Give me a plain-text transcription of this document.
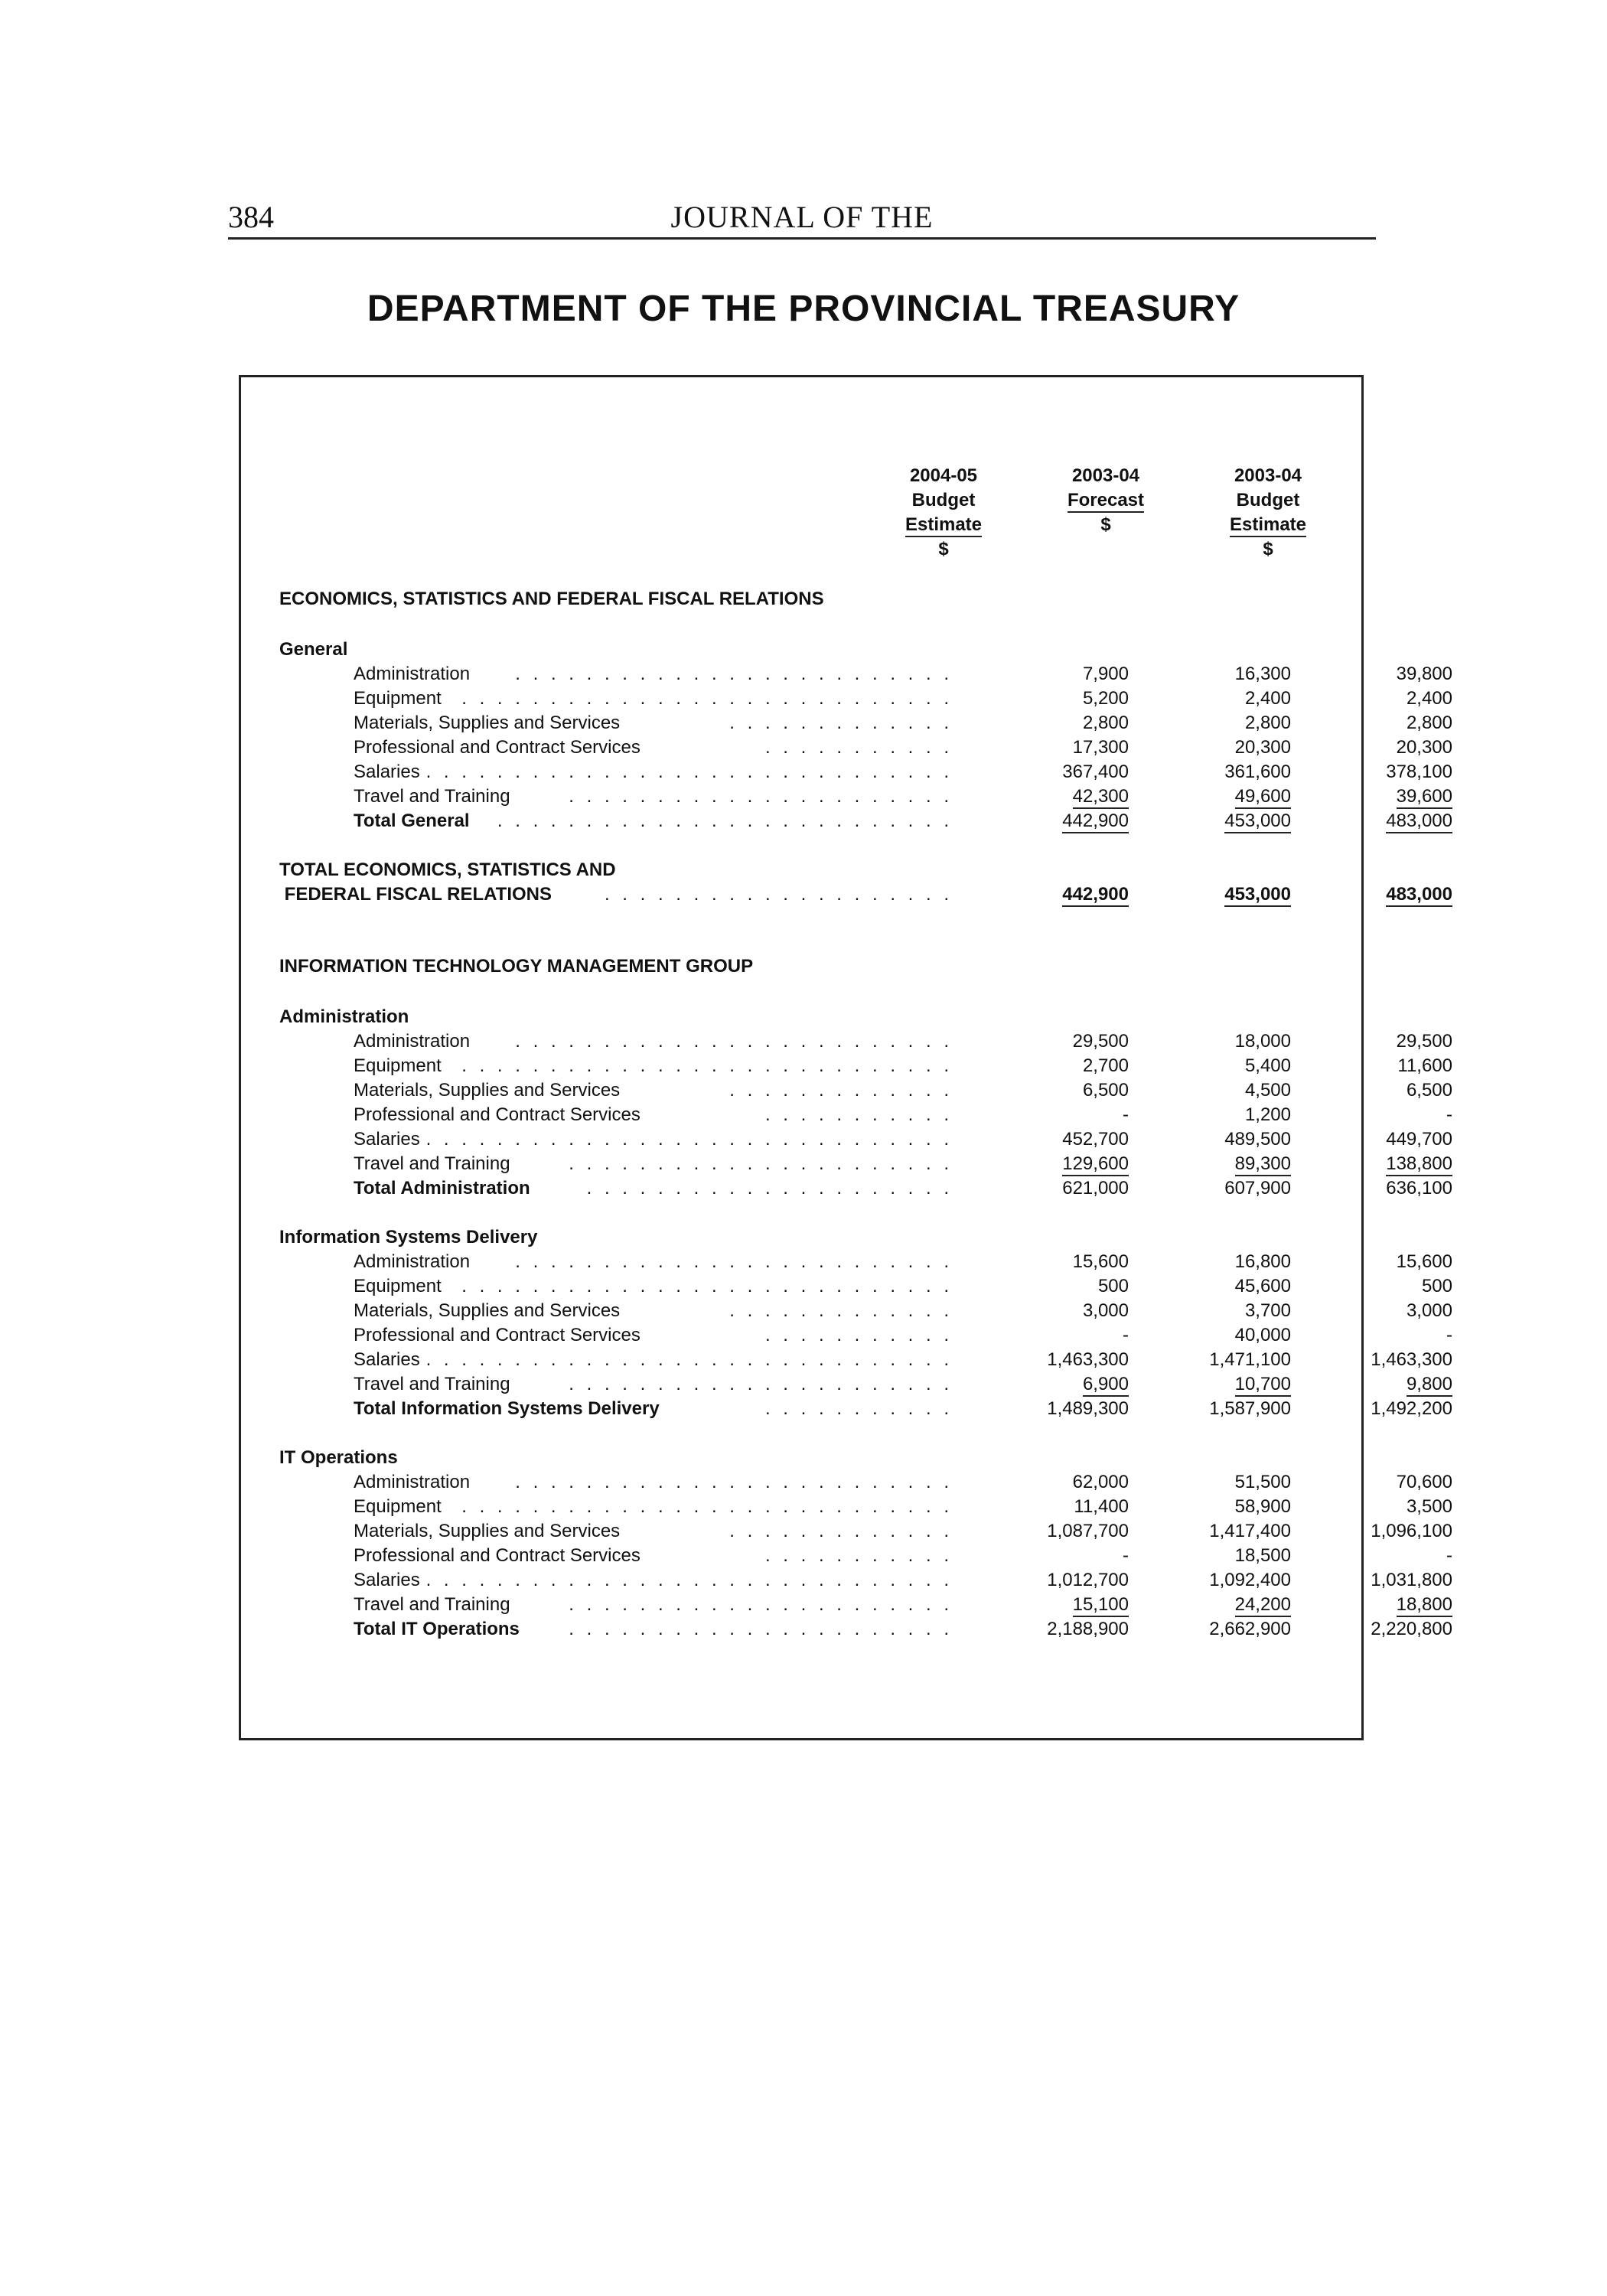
384	JOURNAL OF THE
DEPARTMENT OF THE PROVINCIAL TREASURY
2004-05
Budget
Estimate
$
2003-04
Forecast
$
2003-04
Budget
Estimate
$
ECONOMICS, STATISTICS AND FEDERAL FISCAL RELATIONS
General
Administration . . . . . . . . . . . . . . . . . . . . . . . . .	7,900	16,300	39,800
Equipment . . . . . . . . . . . . . . . . . . . . . . . . . . . .	5,200	2,400	2,400
Materials, Supplies and Services	. . . . . . . . . . . . .	2,800	2,800	2,800
Professional and Contract Services	. . . . . . . . . . .	17,300	20,300	20,300
Salaries . . . . . . . . . . . . . . . . . . . . . . . . . . . . . .	367,400	361,600	378,100
Travel and Training	. . . . . . . . . . . . . . . . . . . . . .	42,300	49,600	39,600
Total General . . . . . . . . . . . . . . . . . . . . . . . . . .	442,900	453,000	483,000
TOTAL ECONOMICS, STATISTICS AND
FEDERAL FISCAL RELATIONS	. . . . . . . . . . . . . . . . . . . .	442,900	453,000	483,000
INFORMATION TECHNOLOGY MANAGEMENT GROUP
Administration
Administration . . . . . . . . . . . . . . . . . . . . . . . . .	29,500	18,000	29,500
Equipment . . . . . . . . . . . . . . . . . . . . . . . . . . . .	2,700	5,400	11,600
Materials, Supplies and Services	. . . . . . . . . . . . .	6,500	4,500	6,500
Professional and Contract Services	. . . . . . . . . . .	-	1,200	-
Salaries . . . . . . . . . . . . . . . . . . . . . . . . . . . . . .	452,700	489,500	449,700
Travel and Training	. . . . . . . . . . . . . . . . . . . . . .	129,600	89,300	138,800
Total Administration	. . . . . . . . . . . . . . . . . . . . .	621,000	607,900	636,100
Information Systems Delivery
Administration . . . . . . . . . . . . . . . . . . . . . . . . .	15,600	16,800	15,600
Equipment . . . . . . . . . . . . . . . . . . . . . . . . . . . .	500	45,600	500
Materials, Supplies and Services	. . . . . . . . . . . . .	3,000	3,700	3,000
Professional and Contract Services	. . . . . . . . . . .	-	40,000	-
Salaries . . . . . . . . . . . . . . . . . . . . . . . . . . . . . .	1,463,300	1,471,100	1,463,300
Travel and Training	. . . . . . . . . . . . . . . . . . . . . .	6,900	10,700	9,800
Total Information Systems Delivery	. . . . . . . . . . .	1,489,300	1,587,900	1,492,200
IT Operations
Administration . . . . . . . . . . . . . . . . . . . . . . . . .	62,000	51,500	70,600
Equipment . . . . . . . . . . . . . . . . . . . . . . . . . . . .	11,400	58,900	3,500
Materials, Supplies and Services	. . . . . . . . . . . . .	1,087,700	1,417,400	1,096,100
Professional and Contract Services	. . . . . . . . . . .	-	18,500	-
Salaries . . . . . . . . . . . . . . . . . . . . . . . . . . . . . .	1,012,700	1,092,400	1,031,800
Travel and Training	. . . . . . . . . . . . . . . . . . . . . .	15,100	24,200	18,800
Total IT Operations	. . . . . . . . . . . . . . . . . . . . . .	2,188,900	2,662,900	2,220,800
